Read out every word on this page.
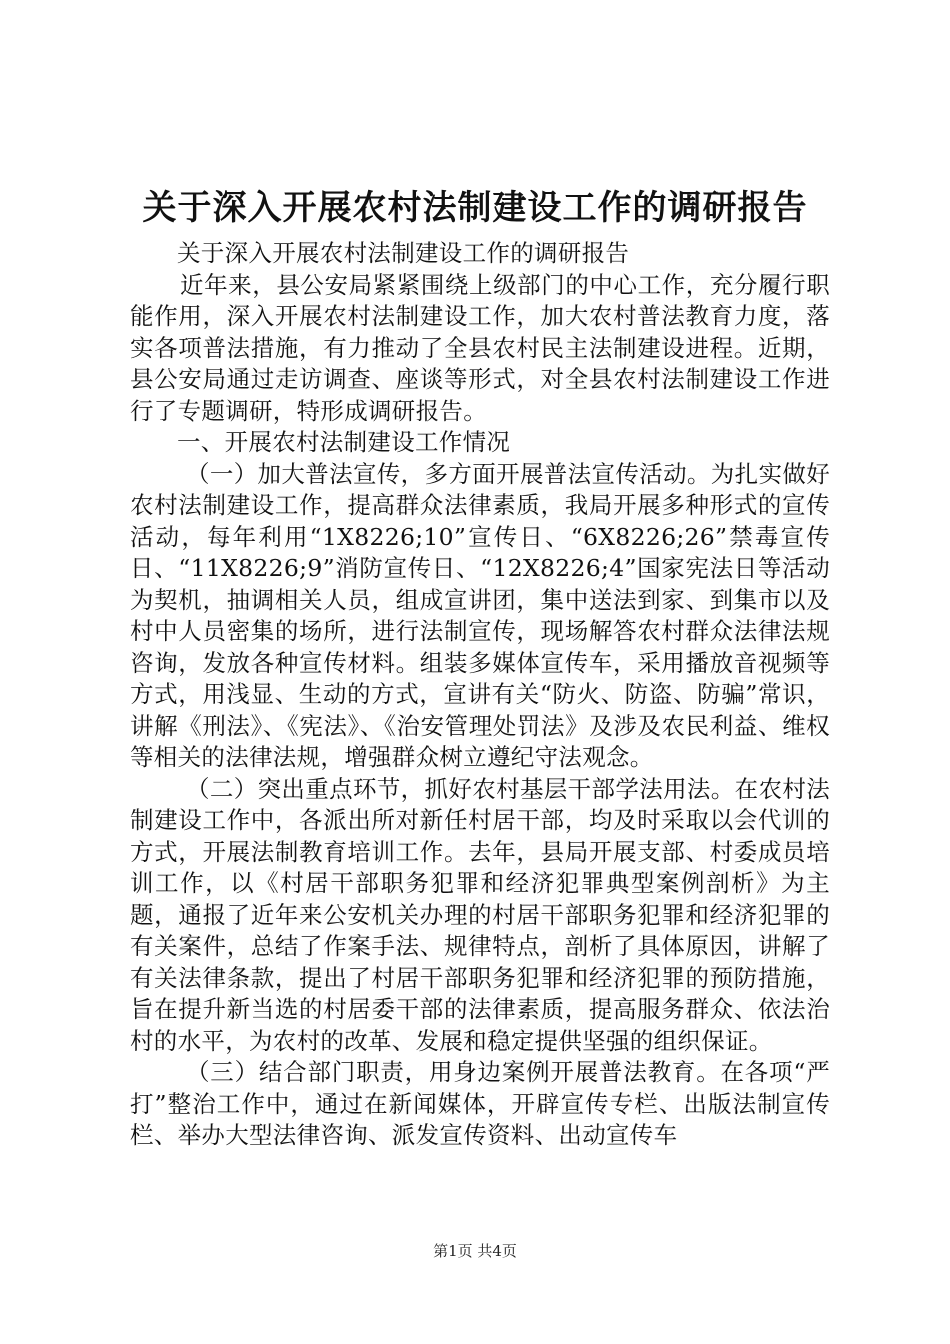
关于深入开展农村法制建设工作的调研报告

关于深入开展农村法制建设工作的调研报告

近年来，县公安局紧紧围绕上级部门的中心工作，充分履行职能作用，深入开展农村法制建设工作，加大农村普法教育力度，落实各项普法措施，有力推动了全县农村民主法制建设进程。近期，县公安局通过走访调查、座谈等形式，对全县农村法制建设工作进行了专题调研，特形成调研报告。

一、开展农村法制建设工作情况

（一）加大普法宣传，多方面开展普法宣传活动。为扎实做好农村法制建设工作，提高群众法律素质，我局开展多种形式的宣传活动，每年利用“1X8226;10”宣传日、“6X8226;26”禁毒宣传日、“11X8226;9”消防宣传日、“12X8226;4”国家宪法日等活动为契机，抽调相关人员，组成宣讲团，集中送法到家、到集市以及村中人员密集的场所，进行法制宣传，现场解答农村群众法律法规咨询，发放各种宣传材料。组装多媒体宣传车，采用播放音视频等方式，用浅显、生动的方式，宣讲有关“防火、防盗、防骗”常识，讲解《刑法》、《宪法》、《治安管理处罚法》及涉及农民利益、维权等相关的法律法规，增强群众树立遵纪守法观念。

（二）突出重点环节，抓好农村基层干部学法用法。在农村法制建设工作中，各派出所对新任村居干部，均及时采取以会代训的方式，开展法制教育培训工作。去年，县局开展支部、村委成员培训工作，以《村居干部职务犯罪和经济犯罪典型案例剖析》为主题，通报了近年来公安机关办理的村居干部职务犯罪和经济犯罪的有关案件，总结了作案手法、规律特点，剖析了具体原因，讲解了有关法律条款，提出了村居干部职务犯罪和经济犯罪的预防措施，旨在提升新当选的村居委干部的法律素质，提高服务群众、依法治村的水平，为农村的改革、发展和稳定提供坚强的组织保证。

（三）结合部门职责，用身边案例开展普法教育。在各项“严打”整治工作中，通过在新闻媒体，开辟宣传专栏、出版法制宣传栏、举办大型法律咨询、派发宣传资料、出动宣传车

第1页 共4页
